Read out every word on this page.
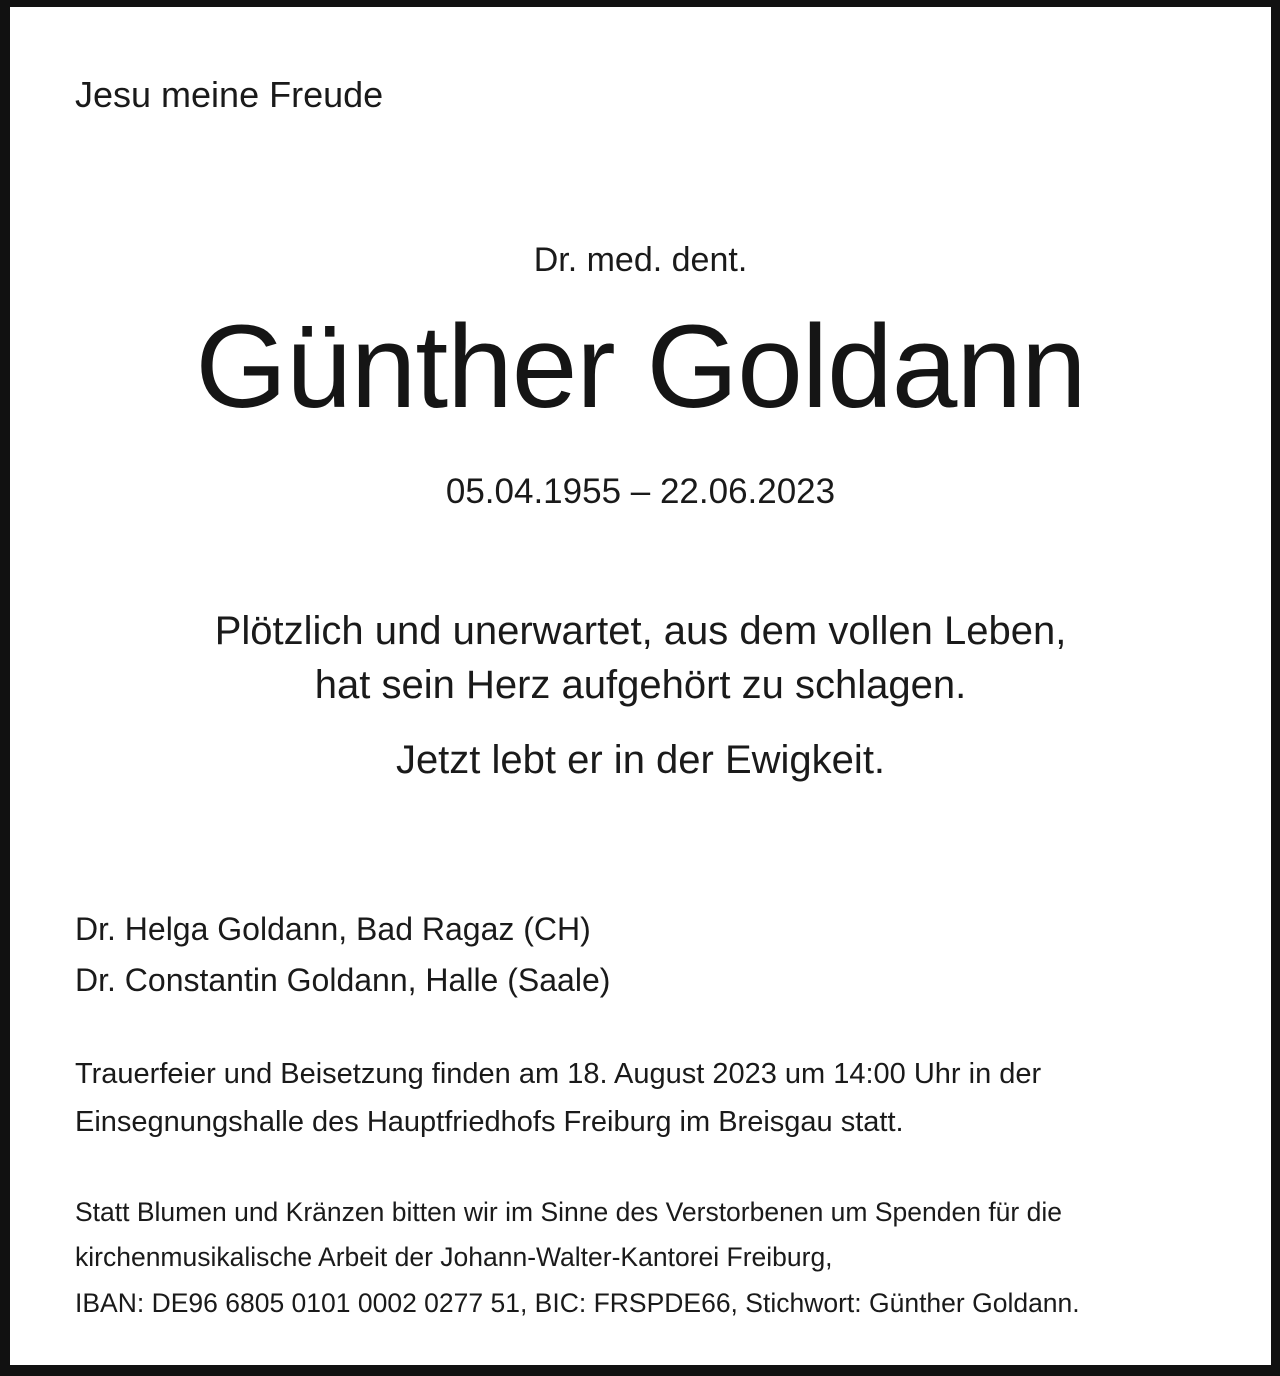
Jesu meine Freude

Dr. med. dent.

Günther Goldann

05.04.1955 – 22.06.2023

Plötzlich und unerwartet, aus dem vollen Leben,

hat sein Herz aufgehört zu schlagen.

Jetzt lebt er in der Ewigkeit.

Dr. Helga Goldann, Bad Ragaz (CH)

Dr. Constantin Goldann, Halle (Saale)

Trauerfeier und Beisetzung finden am 18. August 2023 um 14:00 Uhr in der

Einsegnungshalle des Hauptfriedhofs Freiburg im Breisgau statt.

Statt Blumen und Kränzen bitten wir im Sinne des Verstorbenen um Spenden für die

kirchenmusikalische Arbeit der Johann-Walter-Kantorei Freiburg,

IBAN: DE96 6805 0101 0002 0277 51, BIC: FRSPDE66, Stichwort: Günther Goldann.
